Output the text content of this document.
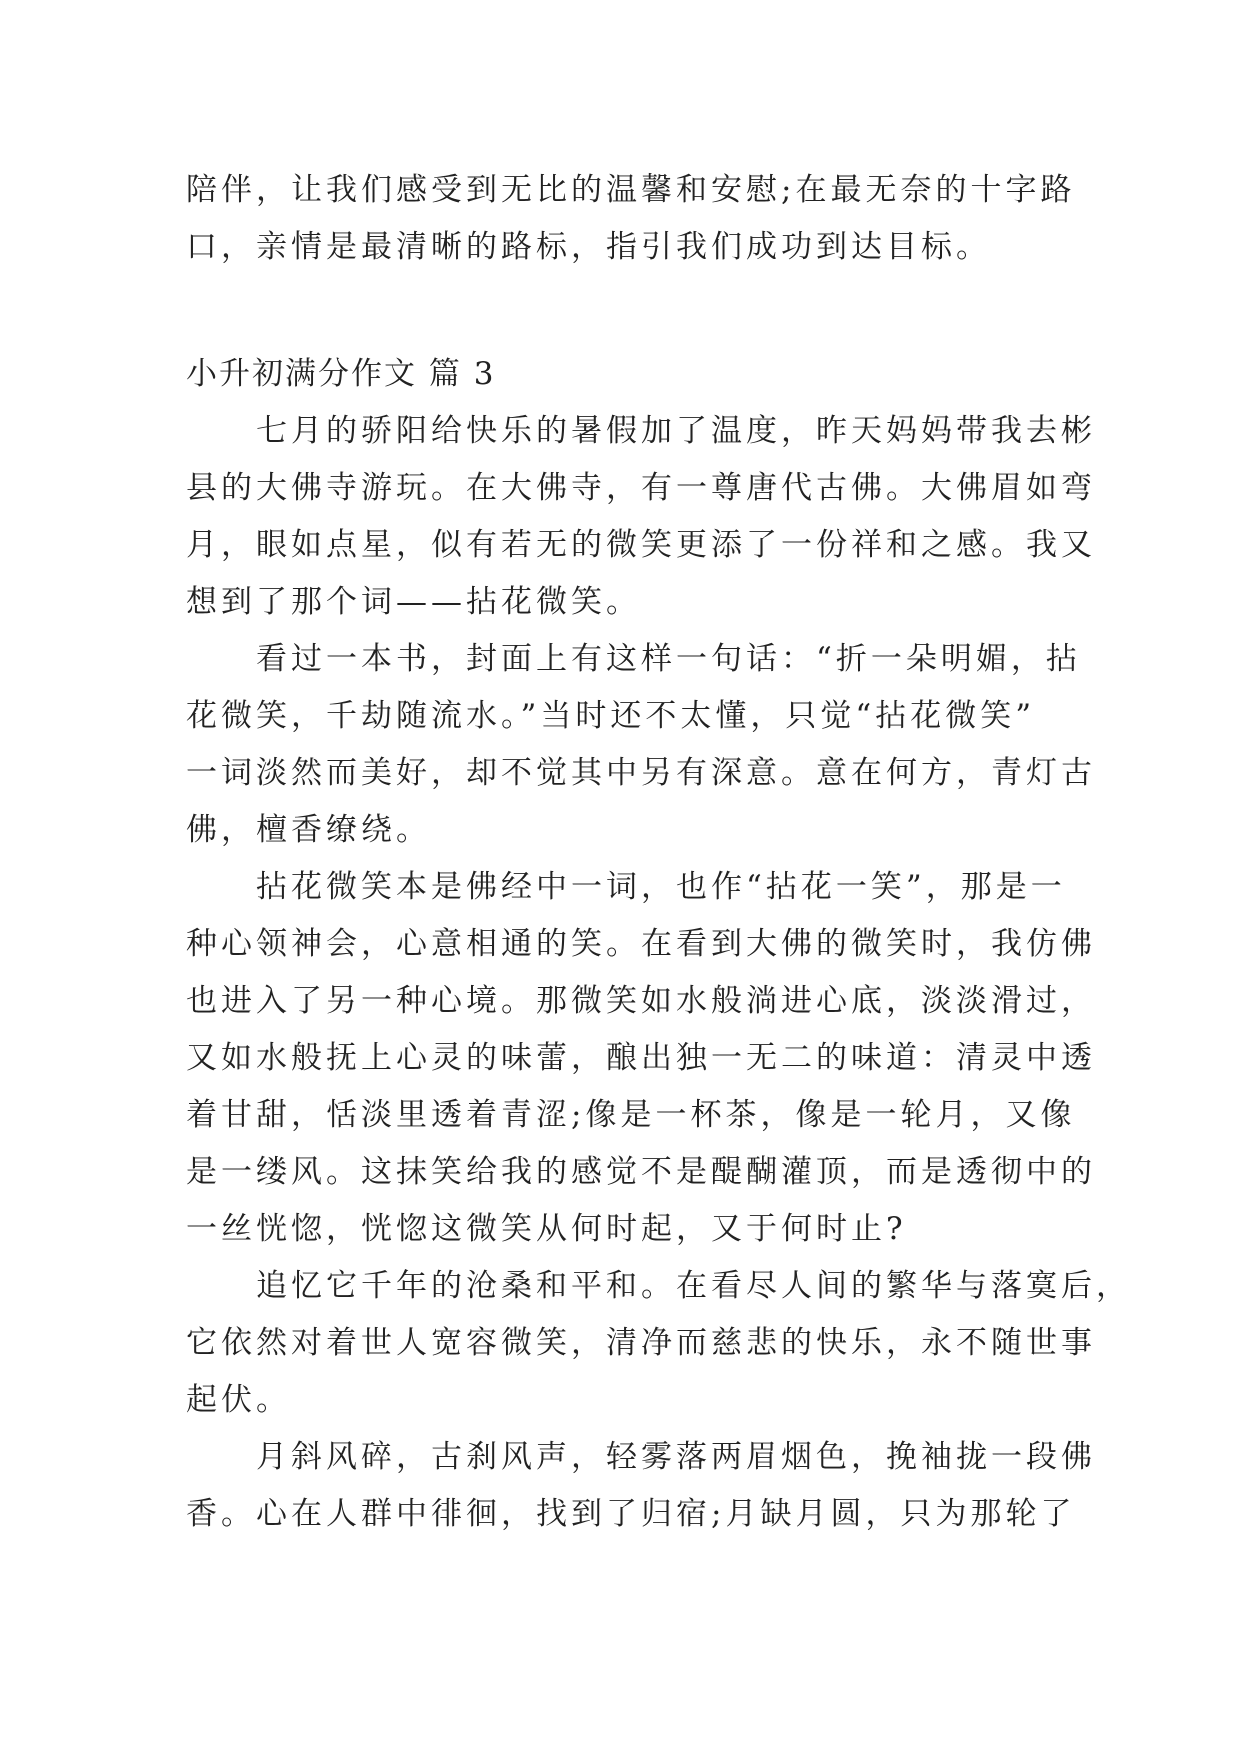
陪伴，让我们感受到无比的温馨和安慰;在最无奈的十字路
口，亲情是最清晰的路标，指引我们成功到达目标。
小升初满分作文 篇 3
七月的骄阳给快乐的暑假加了温度，昨天妈妈带我去彬
县的大佛寺游玩。在大佛寺，有一尊唐代古佛。大佛眉如弯
月，眼如点星，似有若无的微笑更添了一份祥和之感。我又
想到了那个词——拈花微笑。
看过一本书，封面上有这样一句话：“折一朵明媚，拈
花微笑，千劫随流水。”当时还不太懂，只觉“拈花微笑”
一词淡然而美好，却不觉其中另有深意。意在何方，青灯古
佛，檀香缭绕。
拈花微笑本是佛经中一词，也作“拈花一笑”，那是一
种心领神会，心意相通的笑。在看到大佛的微笑时，我仿佛
也进入了另一种心境。那微笑如水般淌进心底，淡淡滑过，
又如水般抚上心灵的味蕾，酿出独一无二的味道：清灵中透
着甘甜，恬淡里透着青涩;像是一杯茶，像是一轮月，又像
是一缕风。这抹笑给我的感觉不是醍醐灌顶，而是透彻中的
一丝恍惚，恍惚这微笑从何时起，又于何时止?
追忆它千年的沧桑和平和。在看尽人间的繁华与落寞后，
它依然对着世人宽容微笑，清净而慈悲的快乐，永不随世事
起伏。
月斜风碎，古刹风声，轻雾落两眉烟色，挽袖拢一段佛
香。心在人群中徘徊，找到了归宿;月缺月圆，只为那轮了
